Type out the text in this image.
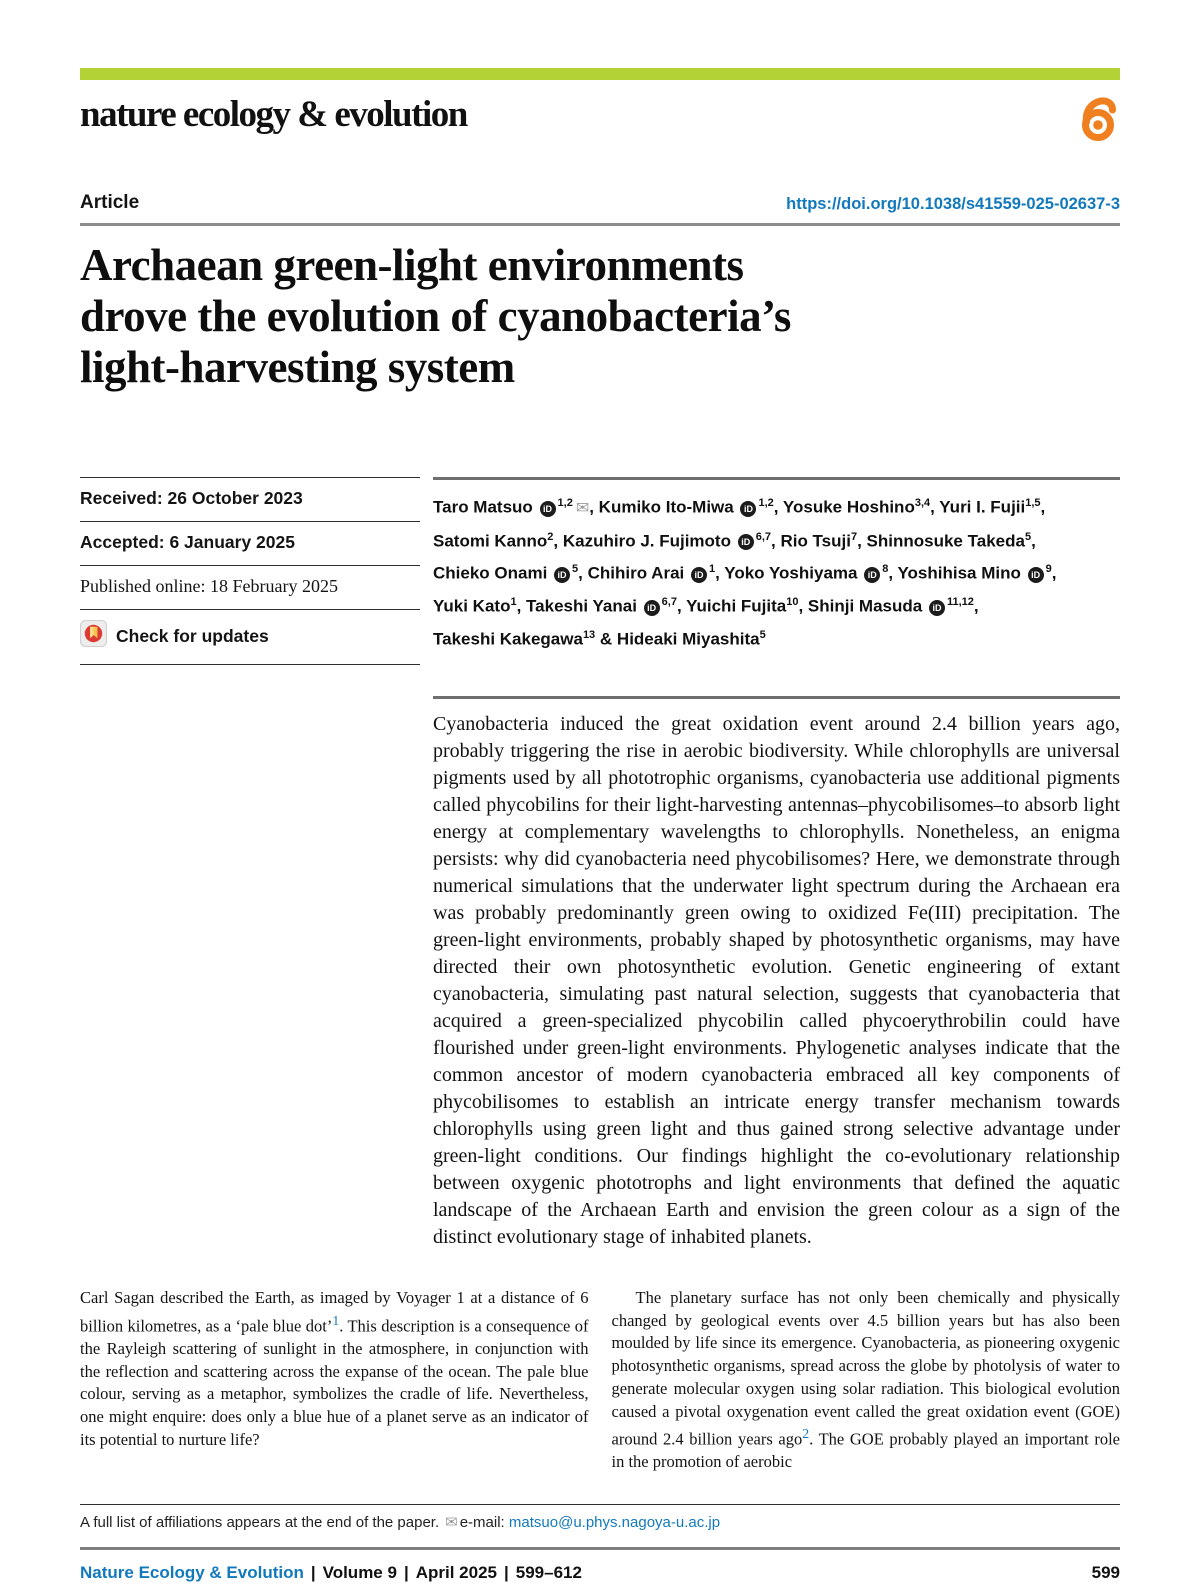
nature ecology & evolution
Article	https://doi.org/10.1038/s41559-025-02637-3
Archaean green-light environments
drove the evolution of cyanobacteria’s
light-harvesting system
Received: 26 October 2023
Accepted: 6 January 2025
Published online: 18 February 2025
Check for updates
Taro Matsuo iD $^{1,2}$ ✉, Kumiko Ito-Miwa iD $^{1,2}$, Yosuke Hoshino$^{3,4}$, Yuri I. Fujii$^{1,5}$,
Satomi Kanno$^2$, Kazuhiro J. Fujimoto iD $^{6,7}$, Rio Tsuji$^7$, Shinnosuke Takeda$^5$,
Chieko Onami iD $^5$, Chihiro Arai iD $^1$, Yoko Yoshiyama iD $^8$, Yoshihisa Mino iD $^9$,
Yuki Kato$^1$, Takeshi Yanai iD $^{6,7}$, Yuichi Fujita$^{10}$, Shinji Masuda iD $^{11,12}$,
Takeshi Kakegawa$^{13}$ & Hideaki Miyashita$^5$

Cyanobacteria induced the great oxidation event around 2.4 billion years ago, probably triggering the rise in aerobic biodiversity. While chlorophylls are universal pigments used by all phototrophic organisms, cyanobacteria use additional pigments called phycobilins for their light-harvesting antennas–phycobilisomes–to absorb light energy at complementary wavelengths to chlorophylls. Nonetheless, an enigma persists: why did cyanobacteria need phycobilisomes? Here, we demonstrate through numerical simulations that the underwater light spectrum during the Archaean era was probably predominantly green owing to oxidized Fe(III) precipitation. The green-light environments, probably shaped by photosynthetic organisms, may have directed their own photosynthetic evolution. Genetic engineering of extant cyanobacteria, simulating past natural selection, suggests that cyanobacteria that acquired a green-specialized phycobilin called phycoerythrobilin could have flourished under green-light environments. Phylogenetic analyses indicate that the common ancestor of modern cyanobacteria embraced all key components of phycobilisomes to establish an intricate energy transfer mechanism towards chlorophylls using green light and thus gained strong selective advantage under green-light conditions. Our findings highlight the co-evolutionary relationship between oxygenic phototrophs and light environments that defined the aquatic landscape of the Archaean Earth and envision the green colour as a sign of the distinct evolutionary stage of inhabited planets.

Carl Sagan described the Earth, as imaged by Voyager 1 at a distance of 6 billion kilometres, as a ‘pale blue dot’$^1$. This description is a consequence of the Rayleigh scattering of sunlight in the atmosphere, in conjunction with the reflection and scattering across the expanse of the ocean. The pale blue colour, serving as a metaphor, symbolizes the cradle of life. Nevertheless, one might enquire: does only a blue hue of a planet serve as an indicator of its potential to nurture life?

The planetary surface has not only been chemically and physically changed by geological events over 4.5 billion years but has also been moulded by life since its emergence. Cyanobacteria, as pioneering oxygenic photosynthetic organisms, spread across the globe by photolysis of water to generate molecular oxygen using solar radiation. This biological evolution caused a pivotal oxygenation event called the great oxidation event (GOE) around 2.4 billion years ago$^2$. The GOE probably played an important role in the promotion of aerobic

A full list of affiliations appears at the end of the paper. ✉ e-mail: matsuo@u.phys.nagoya-u.ac.jp
Nature Ecology & Evolution | Volume 9 | April 2025 | 599–612	599
